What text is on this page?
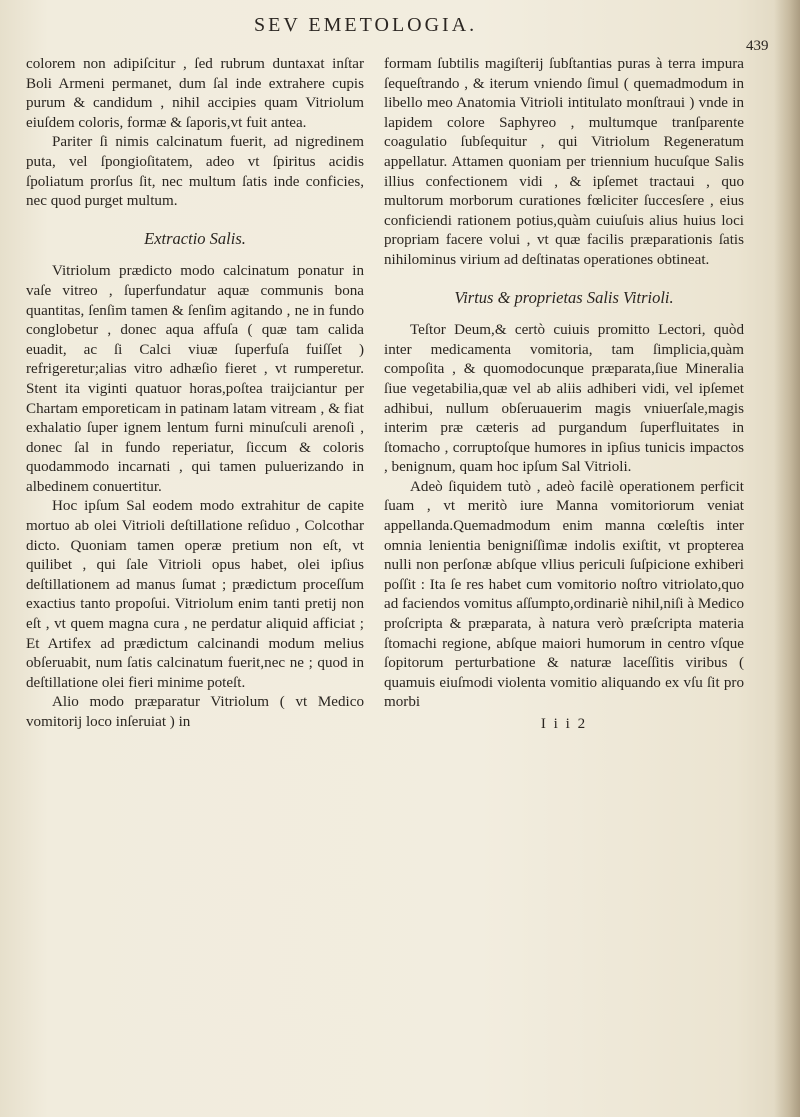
SEV EMETOLOGIA.
439

colorem non adipiſcitur , ſed rubrum duntaxat inſtar Boli Armeni permanet, dum ſal inde extrahere cupis purum & candidum , nihil accipies quam Vitriolum eiuſdem coloris, formæ & ſaporis,vt fuit antea.

Pariter ſi nimis calcinatum fuerit, ad nigredinem puta, vel ſpongioſitatem, adeo vt ſpiritus acidis ſpoliatum prorſus ſit, nec multum ſatis inde conficies, nec quod purget multum.

Extractio Salis.

Vitriolum prædicto modo calcinatum ponatur in vaſe vitreo , ſuperfundatur aquæ communis bona quantitas, ſenſim tamen & ſenſim agitando , ne in fundo conglobetur , donec aqua affuſa ( quæ tam calida euadit, ac ſi Calci viuæ ſuperfuſa fuiſſet ) refrigeretur;alias vitro adhæſio fieret , vt rumperetur. Stent ita viginti quatuor horas,poſtea traijciantur per Chartam emporeticam in patinam latam vitream , & fiat exhalatio ſuper ignem lentum furni minuſculi arenoſi , donec ſal in fundo reperiatur, ſiccum & coloris quodammodo incarnati , qui tamen puluerizando in albedinem conuertitur.

Hoc ipſum Sal eodem modo extrahitur de capite mortuo ab olei Vitrioli deſtillatione reſiduo , Colcothar dicto. Quoniam tamen operæ pretium non eſt, vt quilibet , qui ſale Vitrioli opus habet, olei ipſius deſtillationem ad manus ſumat ; prædictum proceſſum exactius tanto propoſui. Vitriolum enim tanti pretij non eſt , vt quem magna cura , ne perdatur aliquid afficiat ; Et Artifex ad prædictum calcinandi modum melius obſeruabit, num ſatis calcinatum fuerit,nec ne ; quod in deſtillatione olei fieri minime poteſt.

Alio modo præparatur Vitriolum ( vt Medico vomitorij loco inſeruiat ) in

formam ſubtilis magiſterij ſubſtantias puras à terra impura ſequeſtrando , & iterum vniendo ſimul ( quemadmodum in libello meo Anatomia Vitrioli intitulato monſtraui ) vnde in lapidem colore Saphyreo , multumque tranſparente coagulatio ſubſequitur , qui Vitriolum Regeneratum appellatur. Attamen quoniam per triennium hucuſque Salis illius confectionem vidi , & ipſemet tractaui , quo multorum morborum curationes fœliciter ſuccesſere , eius conficiendi rationem potius,quàm cuiuſuis alius huius loci propriam facere volui , vt quæ facilis præparationis ſatis nihilominus virium ad deſtinatas operationes obtineat.

Virtus & proprietas Salis Vitrioli.

Teſtor Deum,& certò cuiuis promitto Lectori, quòd inter medicamenta vomitoria, tam ſimplicia,quàm compoſita , & quomodocunque præparata,ſiue Mineralia ſiue vegetabilia,quæ vel ab aliis adhiberi vidi, vel ipſemet adhibui, nullum obſeruauerim magis vniuerſale,magis interim præ cæteris ad purgandum ſuperfluitates in ſtomacho , corruptoſque humores in ipſius tunicis impactos , benignum, quam hoc ipſum Sal Vitrioli.

Adeò ſiquidem tutò , adeò facilè operationem perficit ſuam , vt meritò iure Manna vomitoriorum veniat appellanda.Quemadmodum enim manna cœleſtis inter omnia lenientia benigniſſimæ indolis exiſtit, vt propterea nulli non perſonæ abſque vllius periculi ſuſpicione exhiberi poſſit : Ita ſe res habet cum vomitorio noſtro vitriolato,quo ad faciendos vomitus aſſumpto,ordinariè nihil,niſi à Medico proſcripta & præparata, à natura verò præſcripta materia ſtomachi regione, abſque maiori humorum in centro vſque ſopitorum perturbatione & naturæ laceſſitis viribus ( quamuis eiuſmodi violenta vomitio aliquando ex vſu ſit pro morbi

I i i 2
